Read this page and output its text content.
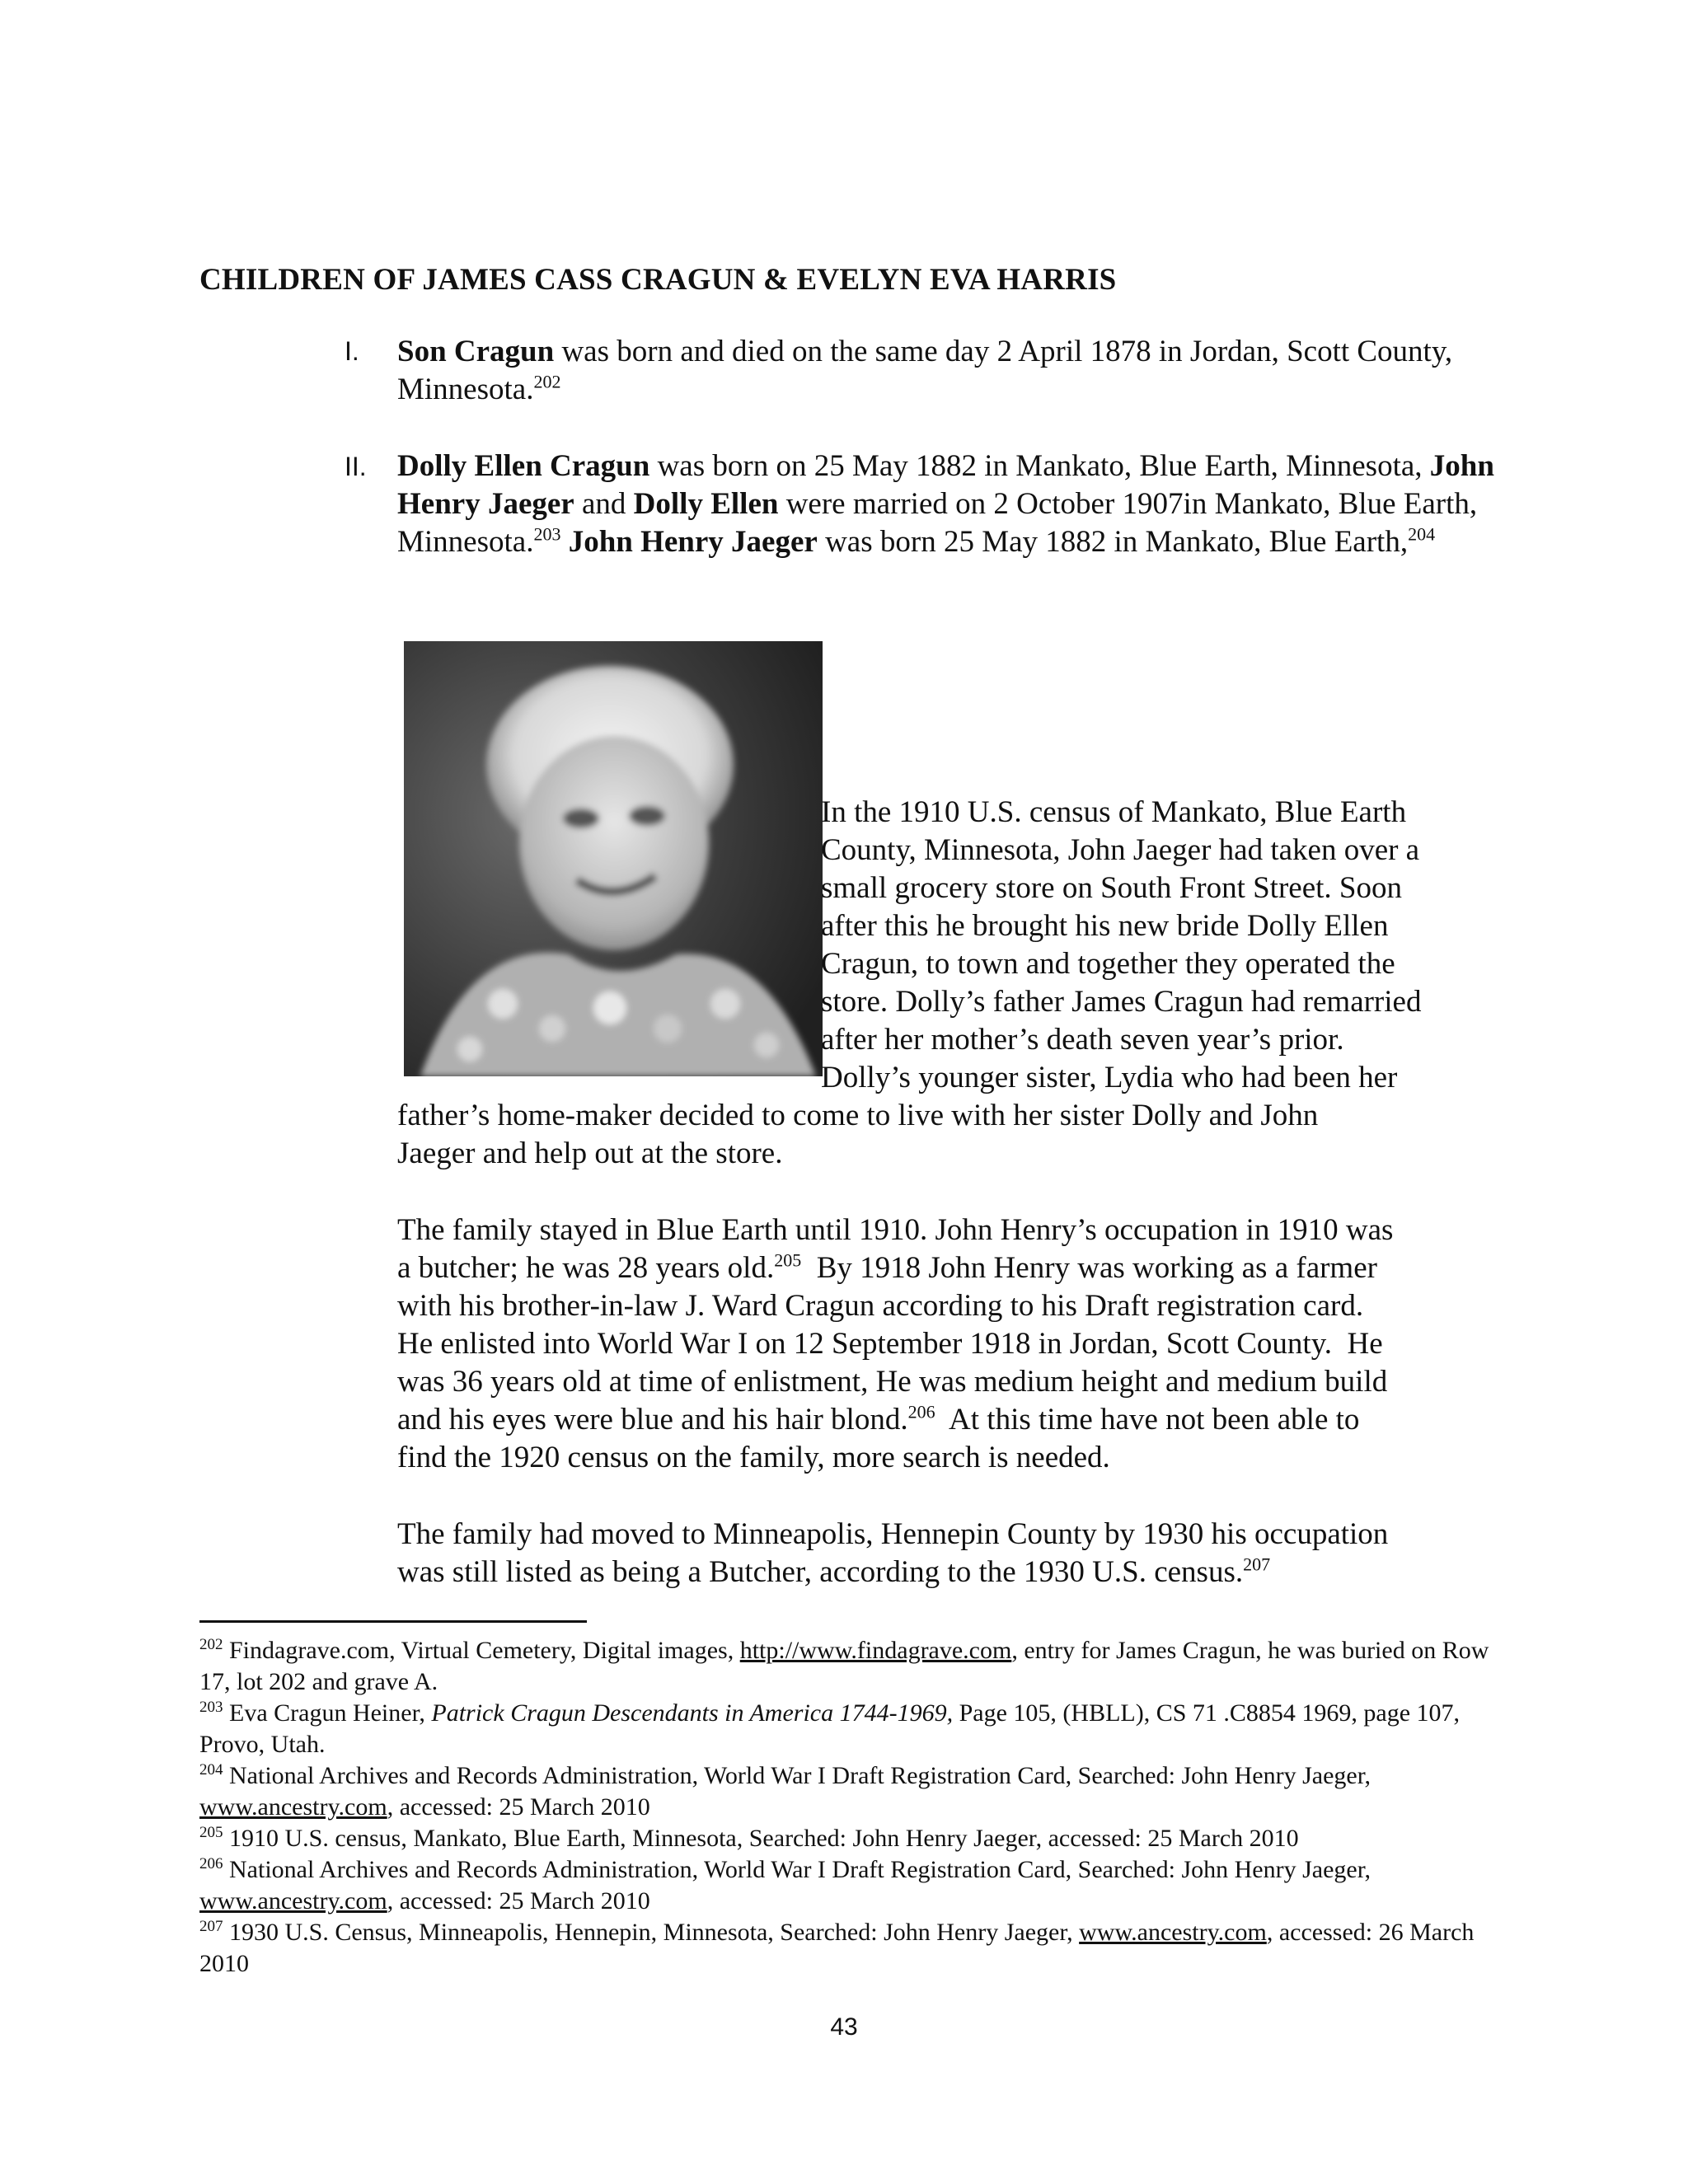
CHILDREN OF JAMES CASS CRAGUN & EVELYN EVA HARRIS
I. Son Cragun was born and died on the same day 2 April 1878 in Jordan, Scott County, Minnesota.$^{202}$
II. Dolly Ellen Cragun was born on 25 May 1882 in Mankato, Blue Earth, Minnesota, John Henry Jaeger and Dolly Ellen were married on 2 October 1907in Mankato, Blue Earth, Minnesota.$^{203}$ John Henry Jaeger was born 25 May 1882 in Mankato, Blue Earth,$^{204}$
In the 1910 U.S. census of Mankato, Blue Earth
County, Minnesota, John Jaeger had taken over a
small grocery store on South Front Street. Soon
after this he brought his new bride Dolly Ellen
Cragun, to town and together they operated the
store. Dolly’s father James Cragun had remarried
after her mother’s death seven year’s prior.
Dolly’s younger sister, Lydia who had been her
father’s home-maker decided to come to live with her sister Dolly and John
Jaeger and help out at the store.
The family stayed in Blue Earth until 1910. John Henry’s occupation in 1910 was
a butcher; he was 28 years old.$^{205}$  By 1918 John Henry was working as a farmer
with his brother-in-law J. Ward Cragun according to his Draft registration card.
He enlisted into World War I on 12 September 1918 in Jordan, Scott County.  He
was 36 years old at time of enlistment, He was medium height and medium build
and his eyes were blue and his hair blond.$^{206}$  At this time have not been able to
find the 1920 census on the family, more search is needed.
The family had moved to Minneapolis, Hennepin County by 1930 his occupation
was still listed as being a Butcher, according to the 1930 U.S. census.$^{207}$

$^{202}$ Findagrave.com, Virtual Cemetery, Digital images, http://www.findagrave.com, entry for James Cragun, he was buried on Row 17, lot 202 and grave A.

$^{203}$ Eva Cragun Heiner, Patrick Cragun Descendants in America 1744-1969, Page 105, (HBLL), CS 71 .C8854 1969, page 107, Provo, Utah.

$^{204}$ National Archives and Records Administration, World War I Draft Registration Card, Searched: John Henry Jaeger, www.ancestry.com, accessed: 25 March 2010

$^{205}$ 1910 U.S. census, Mankato, Blue Earth, Minnesota, Searched: John Henry Jaeger, accessed: 25 March 2010

$^{206}$ National Archives and Records Administration, World War I Draft Registration Card, Searched: John Henry Jaeger, www.ancestry.com, accessed: 25 March 2010

$^{207}$ 1930 U.S. Census, Minneapolis, Hennepin, Minnesota, Searched: John Henry Jaeger, www.ancestry.com, accessed: 26 March 2010

43
